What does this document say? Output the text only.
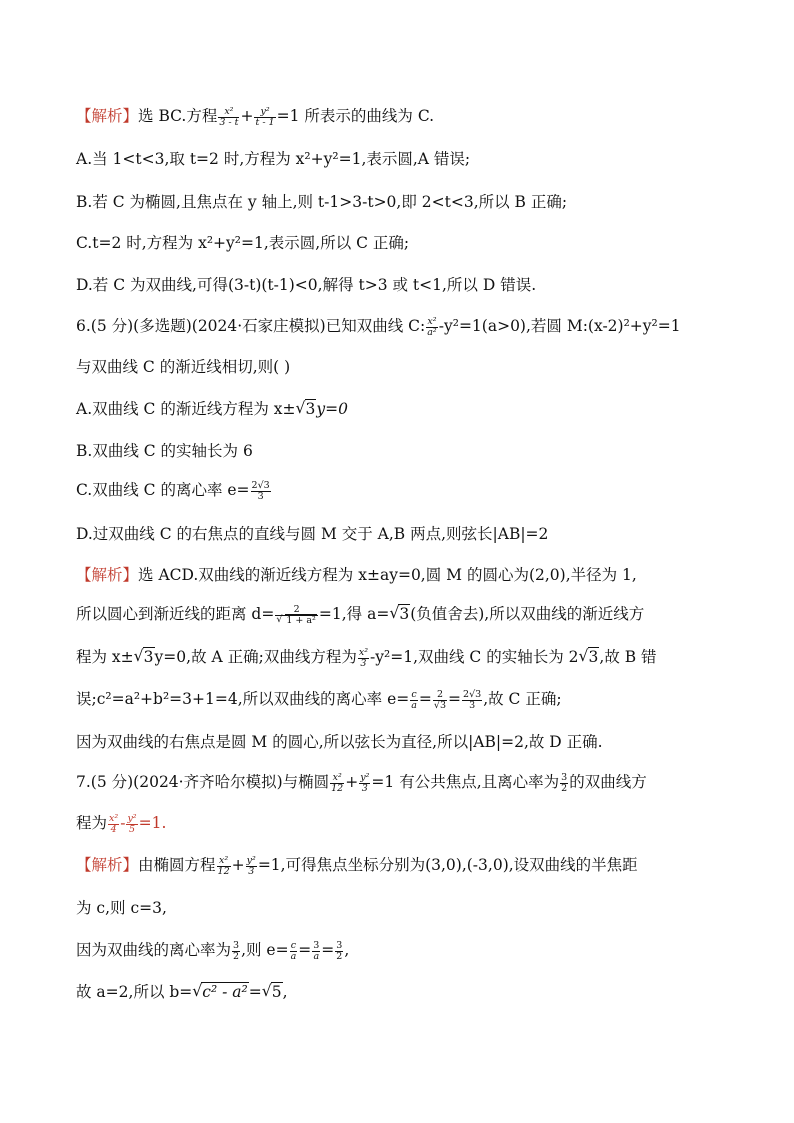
【解析】选 BC.方程 $\frac{\text{x²}}{3 - t} + \frac{\text{y²}}{t - 1} =1$ 所表示的曲线为 C.
A.当 1<t<3,取 t=2 时,方程为 x²+y²=1,表示圆,A 错误;
B.若 C 为椭圆,且焦点在 y 轴上,则 t-1>3-t>0,即 2<t<3,所以 B 正确;
C.t=2 时,方程为 x²+y²=1,表示圆,所以 C 正确;
D.若 C 为双曲线,可得(3-t)(t-1)<0,解得 t>3 或 t<1,所以 D 错误.
6.(5 分)(多选题)(2024·石家庄模拟)已知双曲线 C: $\frac{\text{x²}}{\text{a²}} -y^2=1(a>0)$,若圆 M:(x-2)²+y²=1
与双曲线 C 的渐近线相切,则( )
A.双曲线 C 的渐近线方程为 x± √ 3y=0
B.双曲线 C 的实轴长为 6
C.双曲线 C 的离心率 $e= \frac{2√3}{3}$
D.过双曲线 C 的右焦点的直线与圆 M 交于 A,B 两点,则弦长|AB|=2
【解析】选 ACD.双曲线的渐近线方程为 x±ay=0,圆 M 的圆心为(2,0),半径为 1,
所以圆心到渐近线的距离 d= 2
√ 1 + a² =1,得 a= √ 3(负值舍去),所以双曲线的渐近线方
程为 x± √ 3y=0,故 A 正确;双曲线方程为 $\frac{\text{x²}}{3} -y^2=1$,双曲线 C 的实轴长为 2 √ 3,故 B 错
误;c²=a²+b²=3+1=4,所以双曲线的离心率 $e= \frac{c}{a} = \frac{2}{√3} = \frac{2√3}{3}$ ,故 C 正确;
因为双曲线的右焦点是圆 M 的圆心,所以弦长为直径,所以|AB|=2,故 D 正确.
7.(5 分)(2024·齐齐哈尔模拟)与椭圆 $\frac{\text{x²}}{12} + \frac{\text{y²}}{3} =1$ 有公共焦点,且离心率为 $\frac{3}{2}$ 的双曲线方
程为 $\frac{\text{x²}}{4} - \frac{\text{y²}}{5} =1$.
【解析】由椭圆方程 $\frac{\text{x²}}{12} + \frac{\text{y²}}{3} =1$,可得焦点坐标分别为(3,0),(-3,0),设双曲线的半焦距
为 c,则 c=3,
因为双曲线的离心率为 $\frac{3}{2}$ ,则 $e= \frac{c}{a} = \frac{3}{a} = \frac{3}{2}$ ,
故 a=2,所以 b= √ c² - a²= √ 5,
